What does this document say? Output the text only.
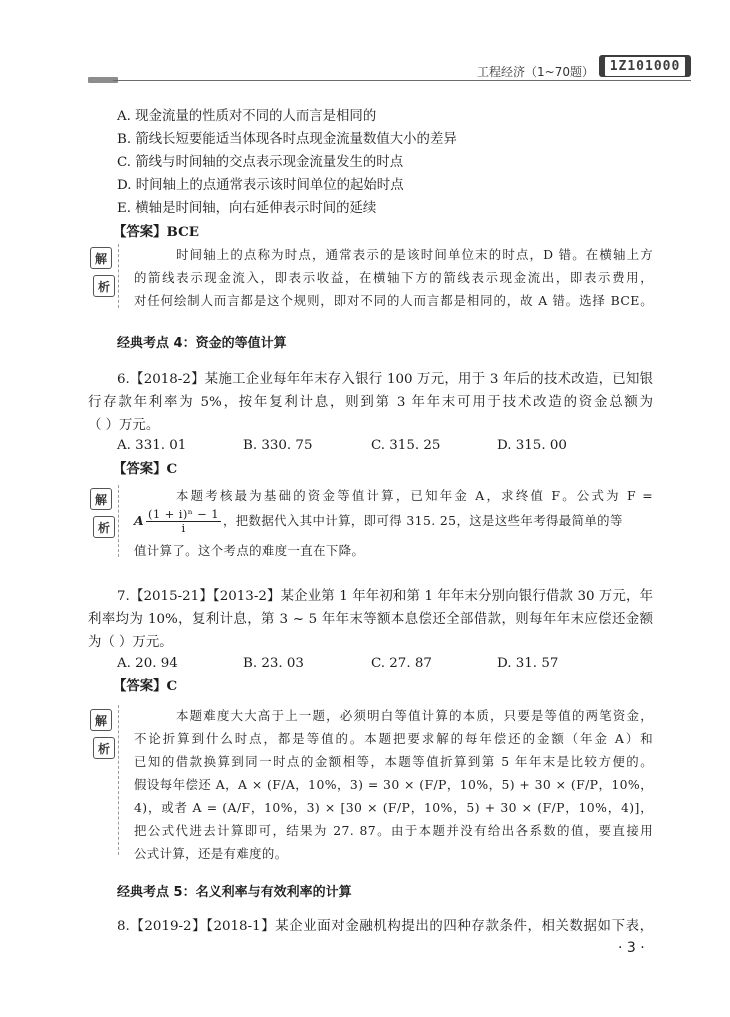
工程经济（1~70题）	1Z101000
A. 现金流量的性质对不同的人而言是相同的
B. 箭线长短要能适当体现各时点现金流量数值大小的差异
C. 箭线与时间轴的交点表示现金流量发生的时点
D. 时间轴上的点通常表示该时间单位的起始时点
E. 横轴是时间轴，向右延伸表示时间的延续
【答案】BCE
解
析
时间轴上的点称为时点，通常表示的是该时间单位末的时点，D 错。在横轴上方
的箭线表示现金流入，即表示收益，在横轴下方的箭线表示现金流出，即表示费用，
对任何绘制人而言都是这个规则，即对不同的人而言都是相同的，故 A 错。选择 BCE。
经典考点 4：资金的等值计算
6.【2018-2】某施工企业每年年末存入银行 100 万元，用于 3 年后的技术改造，已知银
行存款年利率为 5%，按年复利计息，则到第 3 年年末可用于技术改造的资金总额为
（ ）万元。
A. 331. 01	B. 330. 75	C. 315. 25	D. 315. 00
【答案】C
解
析
本题考核最为基础的资金等值计算，已知年金 A，求终值 F。公式为 F =
A $\frac{\text{(1 + i)ⁿ − 1}}{i}$ ，把数据代入其中计算，即可得 315. 25，这是这些年考得最简单的等
值计算了。这个考点的难度一直在下降。
7.【2015-21】【2013-2】某企业第 1 年年初和第 1 年年末分别向银行借款 30 万元，年
利率均为 10%，复利计息，第 3 ~ 5 年年末等额本息偿还全部借款，则每年年末应偿还金额
为（ ）万元。
A. 20. 94	B. 23. 03	C. 27. 87	D. 31. 57
【答案】C
解
析
本题难度大大高于上一题，必须明白等值计算的本质，只要是等值的两笔资金，
不论折算到什么时点，都是等值的。本题把要求解的每年偿还的金额（年金 A）和
已知的借款换算到同一时点的金额相等，本题等值折算到第 5 年年末是比较方便的。
假设每年偿还 A，A × (F/A，10%，3) = 30 × (F/P，10%，5) + 30 × (F/P，10%，
4)，或者 A = (A/F，10%，3) × [30 × (F/P，10%，5) + 30 × (F/P，10%，4)]，
把公式代进去计算即可，结果为 27. 87。由于本题并没有给出各系数的值，要直接用
公式计算，还是有难度的。
经典考点 5：名义利率与有效利率的计算
8.【2019-2】【2018-1】某企业面对金融机构提出的四种存款条件，相关数据如下表，
· 3 ·
